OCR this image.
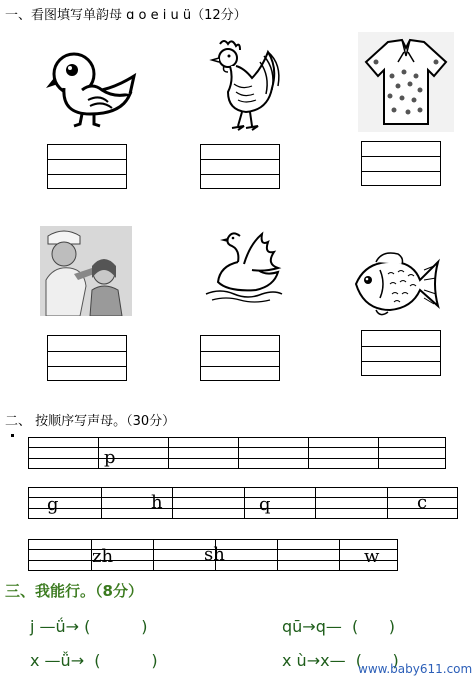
一、看图填写单韵母 ɑ o e i u ü（12分）
二、 按顺序写声母。（30分）
p
g	h	q	c
zh	sh	w
三、我能行。（8分）
j —ǘ→ (          )	qū→q—  (      )
x —ǚ→  (          )	x ù→x—  (      )
www.baby611.com
